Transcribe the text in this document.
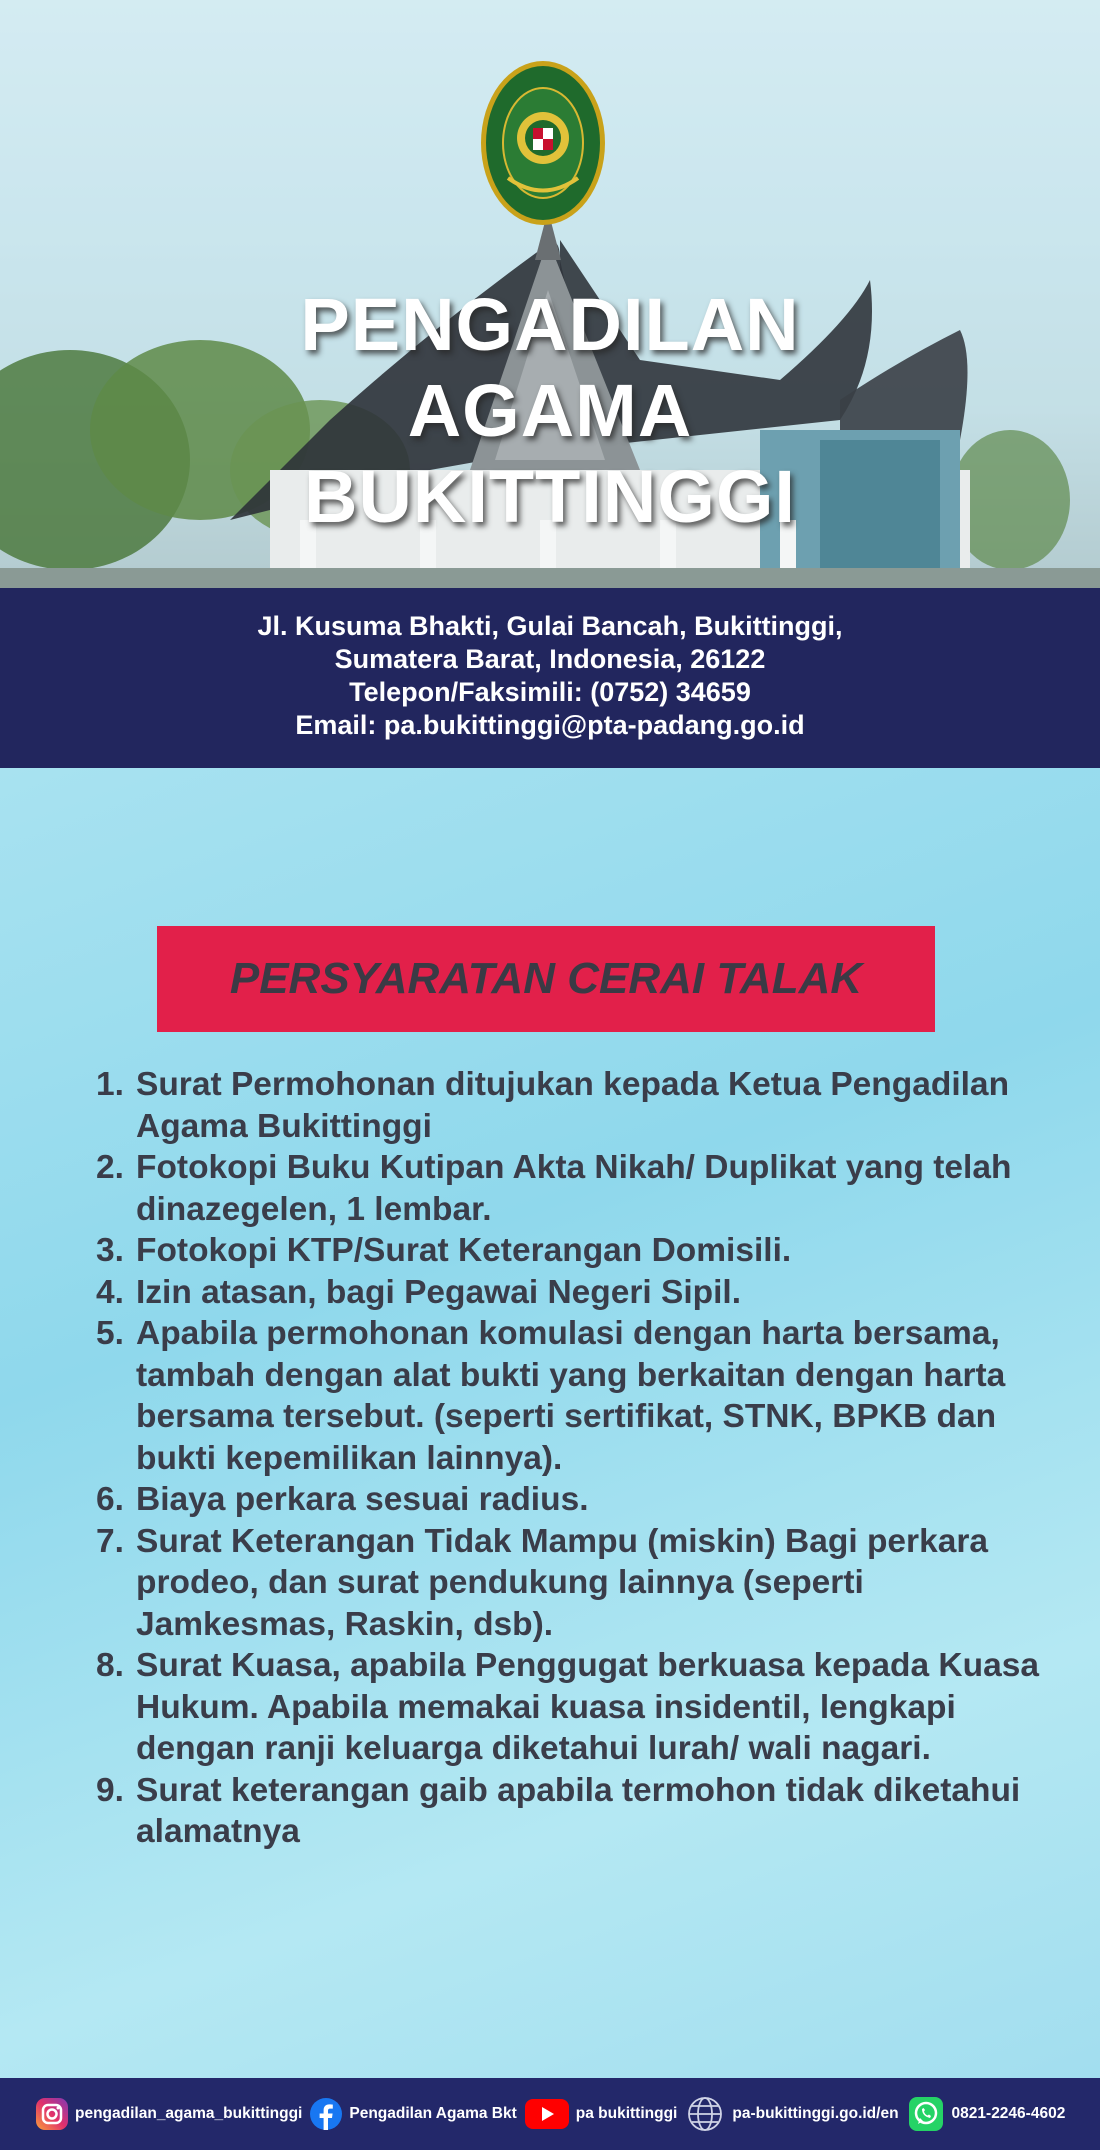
PENGADILAN
AGAMA
BUKITTINGGI
Jl. Kusuma Bhakti, Gulai Bancah, Bukittinggi,
Sumatera Barat, Indonesia, 26122
Telepon/Faksimili: (0752) 34659
Email: pa.bukittinggi@pta-padang.go.id
PERSYARATAN CERAI TALAK
1. Surat Permohonan ditujukan kepada Ketua Pengadilan Agama Bukittinggi
2. Fotokopi Buku Kutipan Akta Nikah/ Duplikat yang telah dinazegelen, 1 lembar.
3. Fotokopi KTP/Surat Keterangan Domisili.
4. Izin atasan, bagi Pegawai Negeri Sipil.
5. Apabila permohonan komulasi dengan harta bersama, tambah dengan alat bukti yang berkaitan dengan harta bersama tersebut. (seperti sertifikat, STNK, BPKB dan bukti kepemilikan lainnya).
6. Biaya perkara sesuai radius.
7. Surat Keterangan Tidak Mampu (miskin) Bagi perkara prodeo, dan surat pendukung lainnya (seperti Jamkesmas, Raskin, dsb).
8. Surat Kuasa, apabila Penggugat berkuasa kepada Kuasa Hukum. Apabila memakai kuasa insidentil, lengkapi dengan ranji keluarga diketahui lurah/ wali nagari.
9. Surat keterangan gaib apabila termohon tidak diketahui alamatnya
pengadilan_agama_bukittinggi	Pengadilan Agama Bkt	pa bukittinggi	pa-bukittinggi.go.id/en	0821-2246-4602
